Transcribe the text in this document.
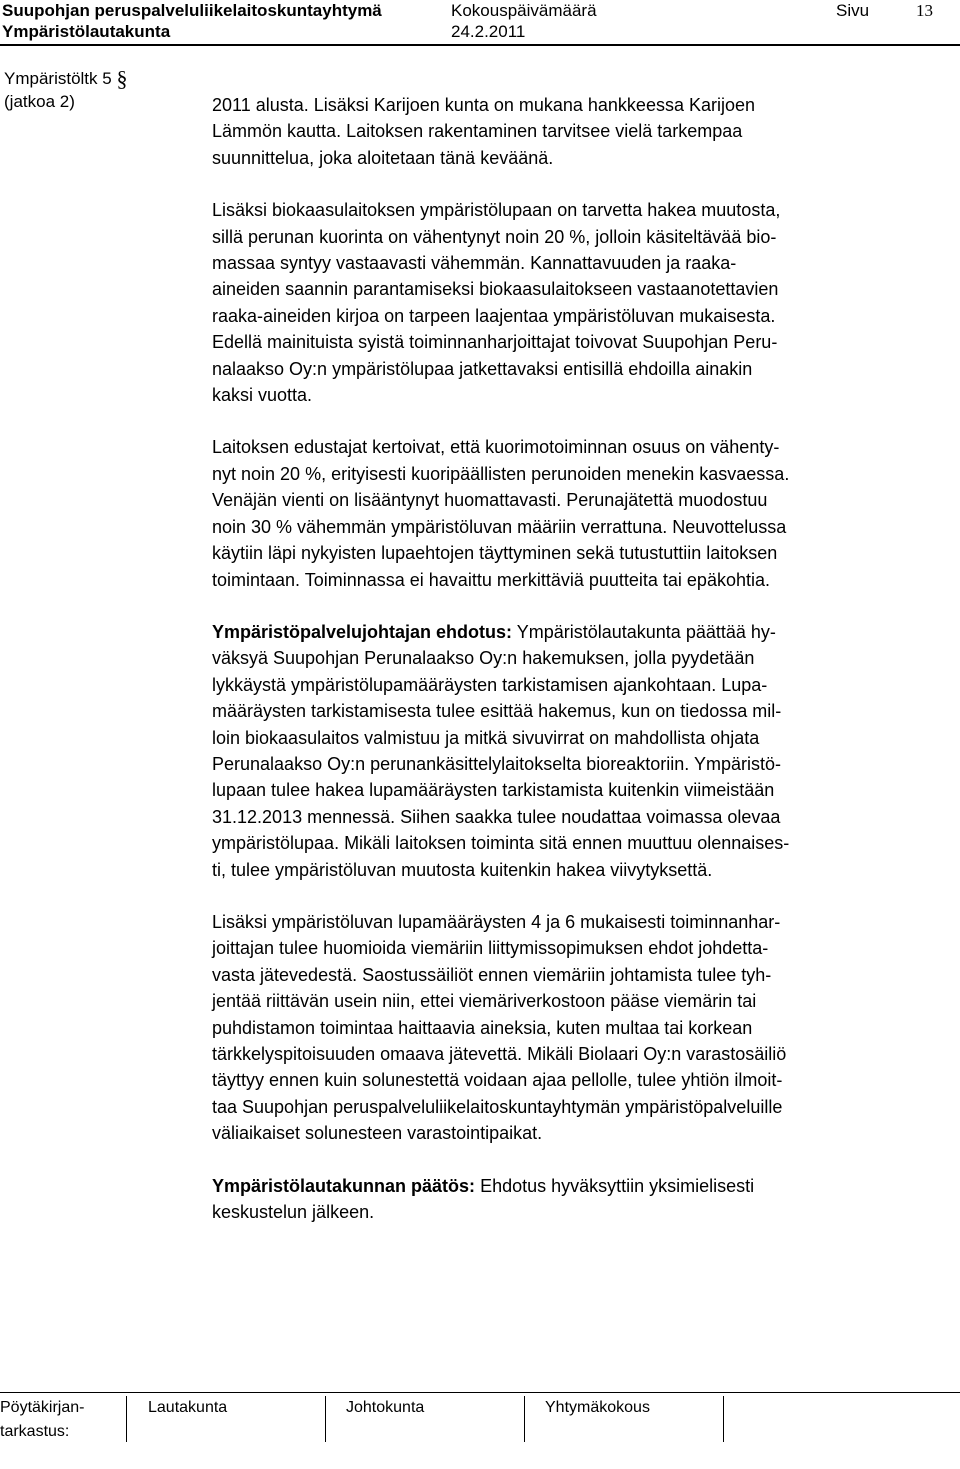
Suupohjan peruspalveluliikelaitoskuntayhtymä
Ympäristölautakunta
Kokouspäivämäärä
24.2.2011
Sivu	13
Ympäristöltk 5 §
(jatkoa 2)	2011 alusta. Lisäksi Karijoen kunta on mukana hankkeessa Karijoen
Lämmön kautta. Laitoksen rakentaminen tarvitsee vielä tarkempaa
suunnittelua, joka aloitetaan tänä keväänä.

Lisäksi biokaasulaitoksen ympäristölupaan on tarvetta hakea muutosta,
sillä perunan kuorinta on vähentynyt noin 20 %, jolloin käsiteltävää bio-
massaa syntyy vastaavasti vähemmän. Kannattavuuden ja raaka-
aineiden saannin parantamiseksi biokaasulaitokseen vastaanotettavien
raaka-aineiden kirjoa on tarpeen laajentaa ympäristöluvan mukaisesta.
Edellä mainituista syistä toiminnanharjoittajat toivovat Suupohjan Peru-
nalaakso Oy:n ympäristölupaa jatkettavaksi entisillä ehdoilla ainakin
kaksi vuotta.

Laitoksen edustajat kertoivat, että kuorimotoiminnan osuus on vähenty-
nyt noin 20 %, erityisesti kuoripäällisten perunoiden menekin kasvaessa.
Venäjän vienti on lisääntynyt huomattavasti. Perunajätettä muodostuu
noin 30 % vähemmän ympäristöluvan määriin verrattuna. Neuvottelussa
käytiin läpi nykyisten lupaehtojen täyttyminen sekä tutustuttiin laitoksen
toimintaan. Toiminnassa ei havaittu merkittäviä puutteita tai epäkohtia.

Ympäristöpalvelujohtajan ehdotus: Ympäristölautakunta päättää hy-
väksyä Suupohjan Perunalaakso Oy:n hakemuksen, jolla pyydetään
lykkäystä ympäristölupamääräysten tarkistamisen ajankohtaan. Lupa-
määräysten tarkistamisesta tulee esittää hakemus, kun on tiedossa mil-
loin biokaasulaitos valmistuu ja mitkä sivuvirrat on mahdollista ohjata
Perunalaakso Oy:n perunankäsittelylaitokselta bioreaktoriin. Ympäristö-
lupaan tulee hakea lupamääräysten tarkistamista kuitenkin viimeistään
31.12.2013 mennessä. Siihen saakka tulee noudattaa voimassa olevaa
ympäristölupaa. Mikäli laitoksen toiminta sitä ennen muuttuu olennaises-
ti, tulee ympäristöluvan muutosta kuitenkin hakea viivytyksettä.

Lisäksi ympäristöluvan lupamääräysten 4 ja 6 mukaisesti toiminnanhar-
joittajan tulee huomioida viemäriin liittymissopimuksen ehdot johdetta-
vasta jätevedestä. Saostussäiliöt ennen viemäriin johtamista tulee tyh-
jentää riittävän usein niin, ettei viemäriverkostoon pääse viemärin tai
puhdistamon toimintaa haittaavia aineksia, kuten multaa tai korkean
tärkkelyspitoisuuden omaava jätevettä. Mikäli Biolaari Oy:n varastosäiliö
täyttyy ennen kuin solunestettä voidaan ajaa pellolle, tulee yhtiön ilmoit-
taa Suupohjan peruspalveluliikelaitoskuntayhtymän ympäristöpalveluille
väliaikaiset solunesteen varastointipaikat.

Ympäristölautakunnan päätös: Ehdotus hyväksyttiin yksimielisesti
keskustelun jälkeen.

Pöytäkirjan-
tarkastus:
Lautakunta	Johtokunta	Yhtymäkokous
